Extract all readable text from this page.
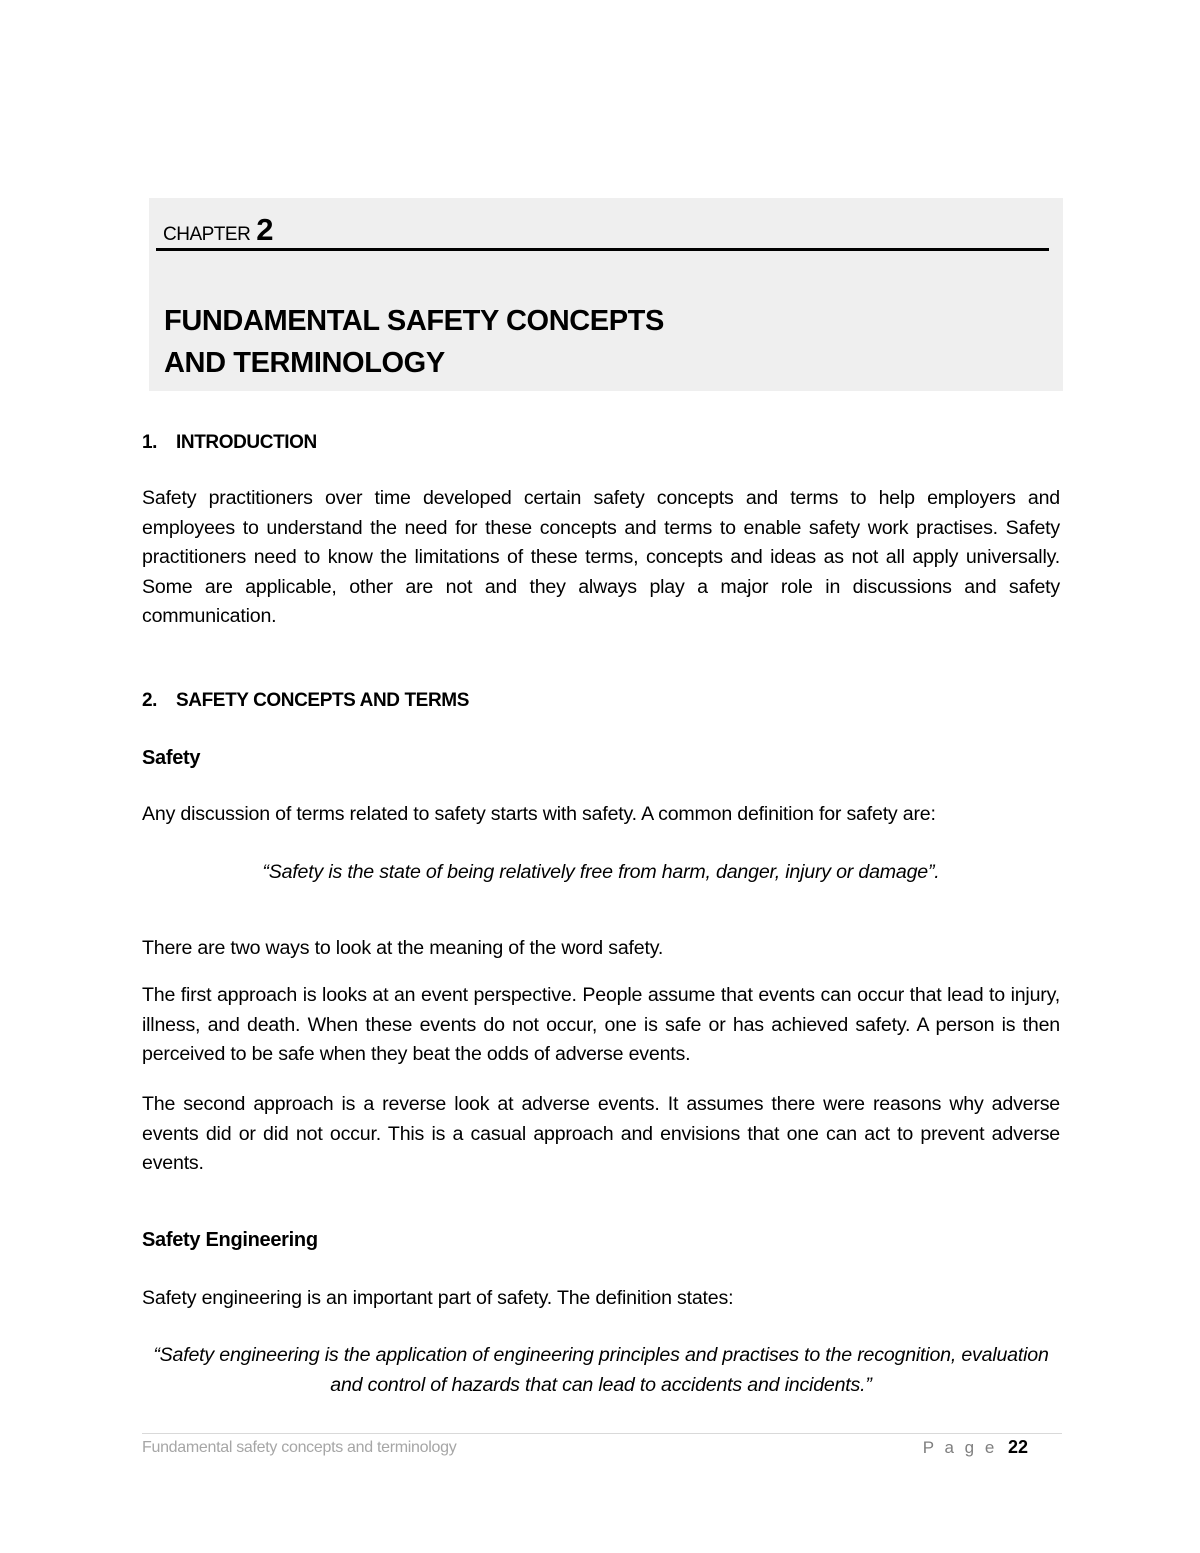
CHAPTER 2
FUNDAMENTAL SAFETY CONCEPTS
AND TERMINOLOGY
1. INTRODUCTION

Safety practitioners over time developed certain safety concepts and terms to help employers and employees to understand the need for these concepts and terms to enable safety work practises. Safety practitioners need to know the limitations of these terms, concepts and ideas as not all apply universally. Some are applicable, other are not and they always play a major role in discussions and safety communication.

2. SAFETY CONCEPTS AND TERMS
Safety

Any discussion of terms related to safety starts with safety. A common definition for safety are:

“Safety is the state of being relatively free from harm, danger, injury or damage”.

There are two ways to look at the meaning of the word safety.

The first approach is looks at an event perspective. People assume that events can occur that lead to injury, illness, and death. When these events do not occur, one is safe or has achieved safety. A person is then perceived to be safe when they beat the odds of adverse events.

The second approach is a reverse look at adverse events. It assumes there were reasons why adverse events did or did not occur. This is a casual approach and envisions that one can act to prevent adverse events.

Safety Engineering

Safety engineering is an important part of safety. The definition states:

“Safety engineering is the application of engineering principles and practises to the recognition, evaluation and control of hazards that can lead to accidents and incidents.”

Fundamental safety concepts and terminology	P a g e 22
